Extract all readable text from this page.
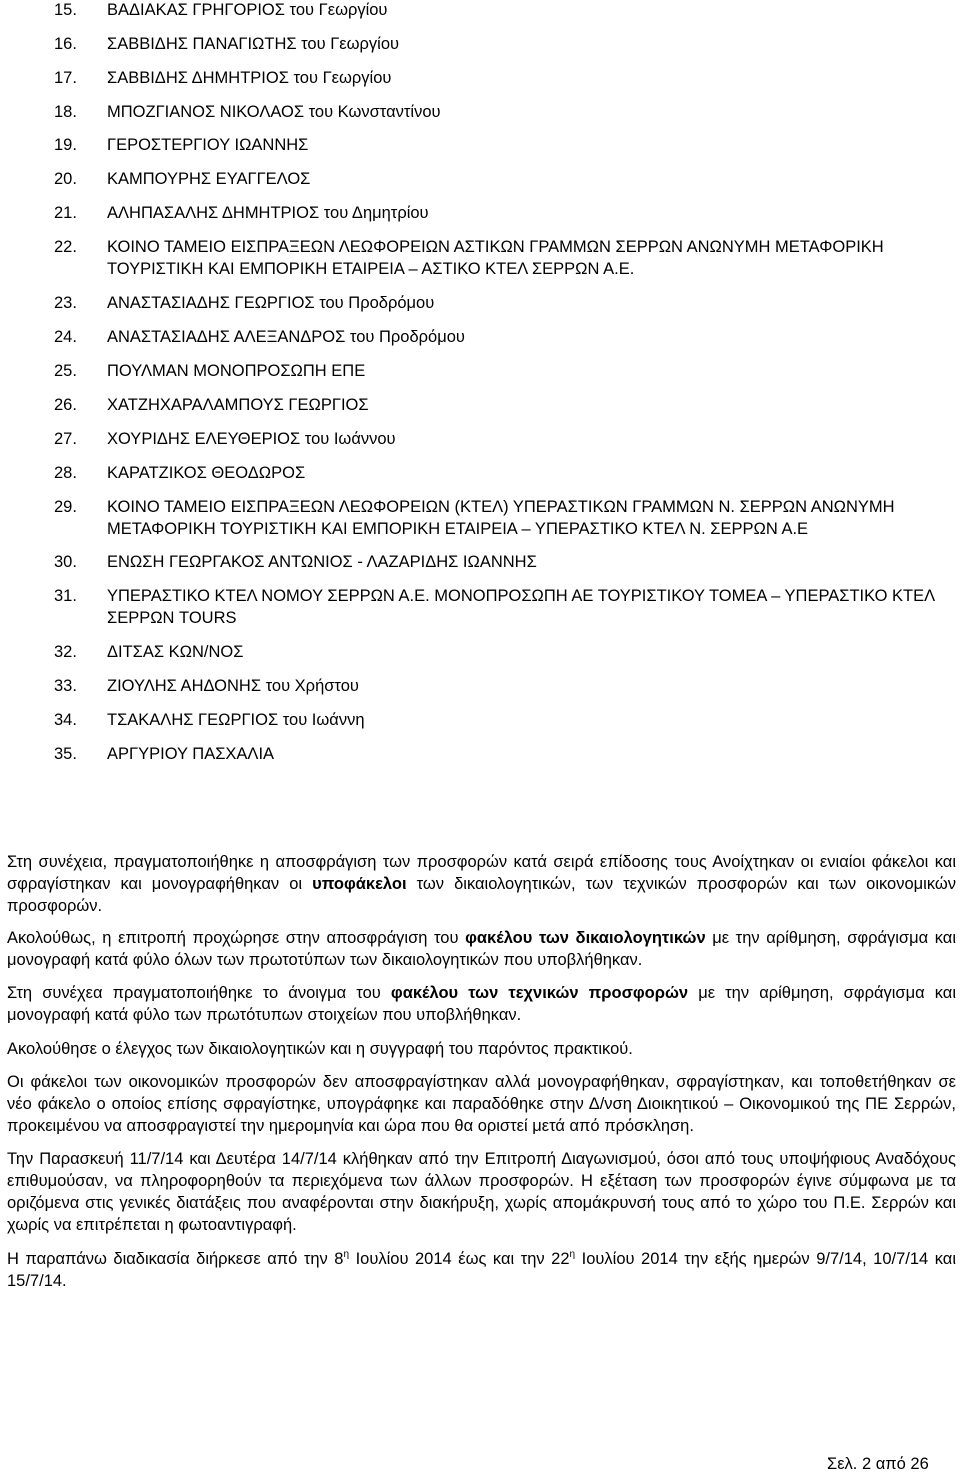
15.	ΒΑΔΙΑΚΑΣ ΓΡΗΓΟΡΙΟΣ του Γεωργίου
16.	ΣΑΒΒΙΔΗΣ ΠΑΝΑΓΙΩΤΗΣ του Γεωργίου
17.	ΣΑΒΒΙΔΗΣ ΔΗΜΗΤΡΙΟΣ του Γεωργίου
18.	ΜΠΟΖΓΙΑΝΟΣ ΝΙΚΟΛΑΟΣ του Κωνσταντίνου
19.	ΓΕΡΟΣΤΕΡΓΙΟΥ ΙΩΑΝΝΗΣ
20.	ΚΑΜΠΟΥΡΗΣ ΕΥΑΓΓΕΛΟΣ
21.	ΑΛΗΠΑΣΑΛΗΣ ΔΗΜΗΤΡΙΟΣ του Δημητρίου
22.	ΚΟΙΝΟ ΤΑΜΕΙΟ ΕΙΣΠΡΑΞΕΩΝ ΛΕΩΦΟΡΕΙΩΝ ΑΣΤΙΚΩΝ ΓΡΑΜΜΩΝ ΣΕΡΡΩΝ ΑΝΩΝΥΜΗ ΜΕΤΑΦΟΡΙΚΗ ΤΟΥΡΙΣΤΙΚΗ ΚΑΙ ΕΜΠΟΡΙΚΗ ΕΤΑΙΡΕΙΑ – ΑΣΤΙΚΟ ΚΤΕΛ ΣΕΡΡΩΝ Α.Ε.
23.	ΑΝΑΣΤΑΣΙΑΔΗΣ ΓΕΩΡΓΙΟΣ του Προδρόμου
24.	ΑΝΑΣΤΑΣΙΑΔΗΣ ΑΛΕΞΑΝΔΡΟΣ του Προδρόμου
25.	ΠΟΥΛΜΑΝ ΜΟΝΟΠΡΟΣΩΠΗ ΕΠΕ
26.	ΧΑΤΖΗΧΑΡΑΛΑΜΠΟΥΣ ΓΕΩΡΓΙΟΣ
27.	ΧΟΥΡΙΔΗΣ ΕΛΕΥΘΕΡΙΟΣ του Ιωάννου
28.	ΚΑΡΑΤΖΙΚΟΣ ΘΕΟΔΩΡΟΣ
29.	ΚΟΙΝΟ ΤΑΜΕΙΟ ΕΙΣΠΡΑΞΕΩΝ ΛΕΩΦΟΡΕΙΩΝ (ΚΤΕΛ) ΥΠΕΡΑΣΤΙΚΩΝ ΓΡΑΜΜΩΝ Ν. ΣΕΡΡΩΝ ΑΝΩΝΥΜΗ ΜΕΤΑΦΟΡΙΚΗ ΤΟΥΡΙΣΤΙΚΗ ΚΑΙ ΕΜΠΟΡΙΚΗ ΕΤΑΙΡΕΙΑ – ΥΠΕΡΑΣΤΙΚΟ ΚΤΕΛ Ν. ΣΕΡΡΩΝ Α.Ε
30.	ΕΝΩΣΗ ΓΕΩΡΓΑΚΟΣ ΑΝΤΩΝΙΟΣ - ΛΑΖΑΡΙΔΗΣ ΙΩΑΝΝΗΣ
31.	ΥΠΕΡΑΣΤΙΚΟ ΚΤΕΛ ΝΟΜΟΥ ΣΕΡΡΩΝ Α.Ε. ΜΟΝΟΠΡΟΣΩΠΗ ΑΕ ΤΟΥΡΙΣΤΙΚΟΥ ΤΟΜΕΑ – ΥΠΕΡΑΣΤΙΚΟ ΚΤΕΛ ΣΕΡΡΩΝ TOURS
32.	ΔΙΤΣΑΣ ΚΩΝ/ΝΟΣ
33.	ΖΙΟΥΛΗΣ ΑΗΔΟΝΗΣ του Χρήστου
34.	ΤΣΑΚΑΛΗΣ ΓΕΩΡΓΙΟΣ του Ιωάννη
35.	ΑΡΓΥΡΙΟΥ ΠΑΣΧΑΛΙΑ

Στη συνέχεια, πραγματοποιήθηκε η αποσφράγιση των προσφορών κατά σειρά επίδοσης τους Ανοίχτηκαν οι ενιαίοι φάκελοι και σφραγίστηκαν και μονογραφήθηκαν οι υποφάκελοι των δικαιολογητικών, των τεχνικών προσφορών και των οικονομικών προσφορών.

Ακολούθως, η επιτροπή προχώρησε στην αποσφράγιση του φακέλου των δικαιολογητικών με την αρίθμηση, σφράγισμα και μονογραφή κατά φύλο όλων των πρωτοτύπων των δικαιολογητικών που υποβλήθηκαν.

Στη συνέχεα πραγματοποιήθηκε το άνοιγμα του φακέλου των τεχνικών προσφορών με την αρίθμηση, σφράγισμα και μονογραφή κατά φύλο των πρωτότυπων στοιχείων που υποβλήθηκαν.

Ακολούθησε ο έλεγχος των δικαιολογητικών και η συγγραφή του παρόντος πρακτικού.

Οι φάκελοι των οικονομικών προσφορών δεν αποσφραγίστηκαν αλλά μονογραφήθηκαν, σφραγίστηκαν, και τοποθετήθηκαν σε νέο φάκελο ο οποίος επίσης σφραγίστηκε, υπογράφηκε και παραδόθηκε στην Δ/νση Διοικητικού – Οικονομικού της ΠΕ Σερρών, προκειμένου να αποσφραγιστεί την ημερομηνία και ώρα που θα οριστεί μετά από πρόσκληση.

Την Παρασκευή 11/7/14 και Δευτέρα 14/7/14 κλήθηκαν από την Επιτροπή Διαγωνισμού, όσοι από τους υποψήφιους Αναδόχους επιθυμούσαν, να πληροφορηθούν τα περιεχόμενα των άλλων προσφορών. Η εξέταση των προσφορών έγινε σύμφωνα με τα οριζόμενα στις γενικές διατάξεις που αναφέρονται στην διακήρυξη, χωρίς απομάκρυνσή τους από το χώρο του Π.Ε. Σερρών και χωρίς να επιτρέπεται η φωτοαντιγραφή.

Η παραπάνω διαδικασία διήρκεσε από την $8^\eta$ Ιουλίου 2014 έως και την $22^\eta$ Ιουλίου 2014 την εξής ημερών 9/7/14, 10/7/14 και 15/7/14.

Σελ. 2 από 26
